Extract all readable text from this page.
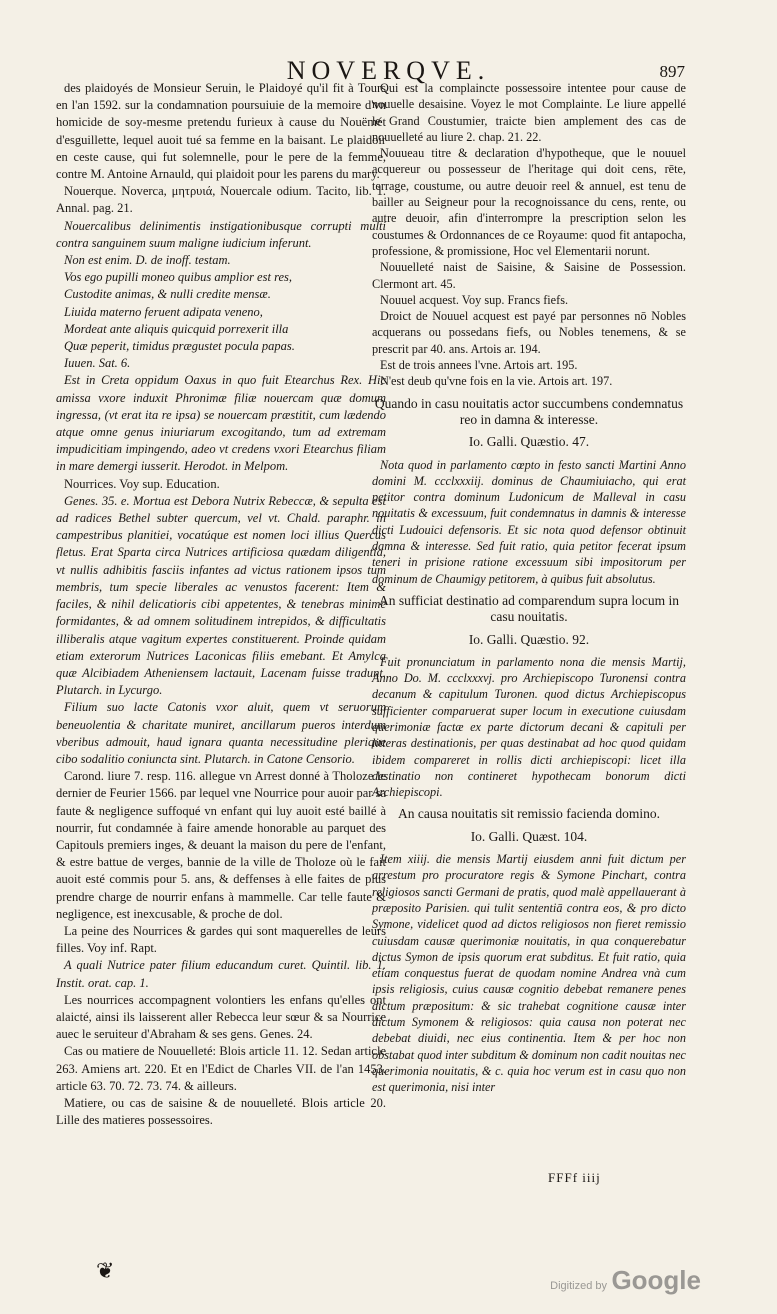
NOVERQVE.	897

des plaidoyés de Monsieur Seruin, le Plaidoyé qu'il fit à Tours en l'an 1592. sur la condamnation poursuiuie de la memoire d'vn homicide de soy-mesme pretendu furieux à cause du Nouëmét d'esguillette, lequel auoit tué sa femme en la baisant. Le plaidoir en ceste cause, qui fut solemnelle, pour le pere de la femme, contre M. Antoine Arnauld, qui plaidoit pour les parens du mary.

Nouerque. Noverca, μητρυιά, Nouercale odium. Tacito, lib. 1. Annal. pag. 21.

Nouercalibus delinimentis instigationibusque corrupti multi contra sanguinem suum maligne iudicium inferunt.

Non est enim. D. de inoff. testam.

Vos ego pupilli moneo quibus amplior est res,

Custodite animas, & nulli credite mensæ.

Liuida materno feruent adipata veneno,

Mordeat ante aliquis quicquid porrexerit illa

Quæ peperit, timidus prægustet pocula papas.

Iuuen. Sat. 6.

Est in Creta oppidum Oaxus in quo fuit Etearchus Rex. Hic amissa vxore induxit Phronimæ filiæ nouercam quæ domum ingressa, (vt erat ita re ipsa) se nouercam præstitit, cum lædendo atque omne genus iniuriarum excogitando, tum ad extremam impudicitiam impingendo, adeo vt credens vxori Etearchus filiam in mare demergi iusserit. Herodot. in Melpom.

Nourrices. Voy sup. Education.

Genes. 35. e. Mortua est Debora Nutrix Rebeccæ, & sepulta est ad radices Bethel subter quercum, vel vt. Chald. paraphr. in campestribus planitiei, vocatúque est nomen loci illius Quercus fletus. Erat Sparta circa Nutrices artificiosa quædam diligentia, vt nullis adhibitis fasciis infantes ad victus rationem ipsos tum membris, tum specie liberales ac venustos facerent: Item & faciles, & nihil delicatioris cibi appetentes, & tenebras minime formidantes, & ad omnem solitudinem intrepidos, & difficultatis illiberalis atque vagitum expertes constituerent. Proinde quidam etiam exterorum Nutrices Laconicas filiis emebant. Et Amylca quæ Alcibiadem Atheniensem lactauit, Lacenam fuisse tradunt. Plutarch. in Lycurgo.

Filium suo lacte Catonis vxor aluit, quem vt seruorum beneuolentia & charitate muniret, ancillarum pueros interdum vberibus admouit, haud ignara quanta necessitudine plerique cibo sodalitio coniuncta sint. Plutarch. in Catone Censorio.

Carond. liure 7. resp. 116. allegue vn Arrest donné à Tholoze le dernier de Feurier 1566. par lequel vne Nourrice pour auoir par sa faute & negligence suffoqué vn enfant qui luy auoit esté baillé à nourrir, fut condamnée à faire amende honorable au parquet des Capitouls premiers inges, & deuant la maison du pere de l'enfant, & estre battue de verges, bannie de la ville de Tholoze où le fait auoit esté commis pour 5. ans, & deffenses à elle faites de plus prendre charge de nourrir enfans à mammelle. Car telle faute & negligence, est inexcusable, & proche de dol.

La peine des Nourrices & gardes qui sont maquerelles de leurs filles. Voy inf. Rapt.

A quali Nutrice pater filium educandum curet. Quintil. lib. 1. Instit. orat. cap. 1.

Les nourrices accompagnent volontiers les enfans qu'elles ont alaicté, ainsi ils laisserent aller Rebecca leur sœur & sa Nourrice auec le seruiteur d'Abraham & ses gens. Genes. 24.

Cas ou matiere de Nouuelleté: Blois article 11. 12. Sedan article 263. Amiens art. 220. Et en l'Edict de Charles VII. de l'an 1453. article 63. 70. 72. 73. 74. & ailleurs.

Matiere, ou cas de saisine & de nouuelleté. Blois article 20. Lille des matieres possessoires.

Qui est la complaincte possessoire intentee pour cause de nouuelle desaisine. Voyez le mot Complainte. Le liure appellé le Grand Coustumier, traicte bien amplement des cas de nouuelleté au liure 2. chap. 21. 22.

Nouueau titre & declaration d'hypotheque, que le nouuel acquereur ou possesseur de l'heritage qui doit cens, rēte, terrage, coustume, ou autre deuoir reel & annuel, est tenu de bailler au Seigneur pour la recognoissance du cens, rente, ou autre deuoir, afin d'interrompre la prescription selon les coustumes & Ordonnances de ce Royaume: quod fit antapocha, professione, & promissione, Hoc vel Elementarii norunt.

Nouuelleté naist de Saisine, & Saisine de Possession. Clermont art. 45.

Nouuel acquest. Voy sup. Francs fiefs.

Droict de Nouuel acquest est payé par personnes nō Nobles acquerans ou possedans fiefs, ou Nobles tenemens, & se prescrit par 40. ans. Artois ar. 194.

Est de trois annees l'vne. Artois art. 195.

N'est deub qu'vne fois en la vie. Artois art. 197.

Quando in casu nouitatis actor succumbens condemnatus reo in damna & interesse.

Io. Galli. Quæstio. 47.

Nota quod in parlamento cœpto in festo sancti Martini Anno domini M. ccclxxxiij. dominus de Chaumiuiacho, qui erat petitor contra dominum Ludonicum de Malleval in casu nouitatis & excessuum, fuit condemnatus in damnis & interesse dicti Ludouici defensoris. Et sic nota quod defensor obtinuit damna & interesse. Sed fuit ratio, quia petitor fecerat ipsum teneri in prisione ratione excessuum sibi impositorum per dominum de Chaumigy petitorem, à quibus fuit absolutus.

An sufficiat destinatio ad comparendum supra locum in casu nouitatis.

Io. Galli. Quæstio. 92.

Fuit pronunciatum in parlamento nona die mensis Martij, Anno Do. M. ccclxxxvj. pro Archiepiscopo Turonensi contra decanum & capitulum Turonen. quod dictus Archiepiscopus sufficienter comparuerat super locum in executione cuiusdam querimoniæ factæ ex parte dictorum decani & capituli per litteras destinationis, per quas destinabat ad hoc quod quidam ibidem compareret in rollis dicti archiepiscopi: licet illa destinatio non contineret hypothecam bonorum dicti Archiepiscopi.

An causa nouitatis sit remissio facienda domino.

Io. Galli. Quæst. 104.

Item xiiij. die mensis Martij eiusdem anni fuit dictum per arrestum pro procuratore regis & Symone Pinchart, contra religiosos sancti Germani de pratis, quod malè appellauerant à præposito Parisien. qui tulit sententiā contra eos, & pro dicto Symone, videlicet quod ad dictos religiosos non fieret remissio cuiusdam causæ querimoniæ nouitatis, in qua conquerebatur dictus Symon de ipsis quorum erat subditus. Et fuit ratio, quia etiam conquestus fuerat de quodam nomine Andrea vnà cum ipsis religiosis, cuius causæ cognitio debebat remanere penes dictum præpositum: & sic trahebat cognitione causæ inter dictum Symonem & religiosos: quia causa non poterat nec debebat diuidi, nec eius continentia. Item & per hoc non obstabat quod inter subditum & dominum non cadit nouitas nec querimonia nouitatis, & c. quia hoc verum est in casu quo non est querimonia, nisi inter

FFFf iiij
❦
Digitized by Google
